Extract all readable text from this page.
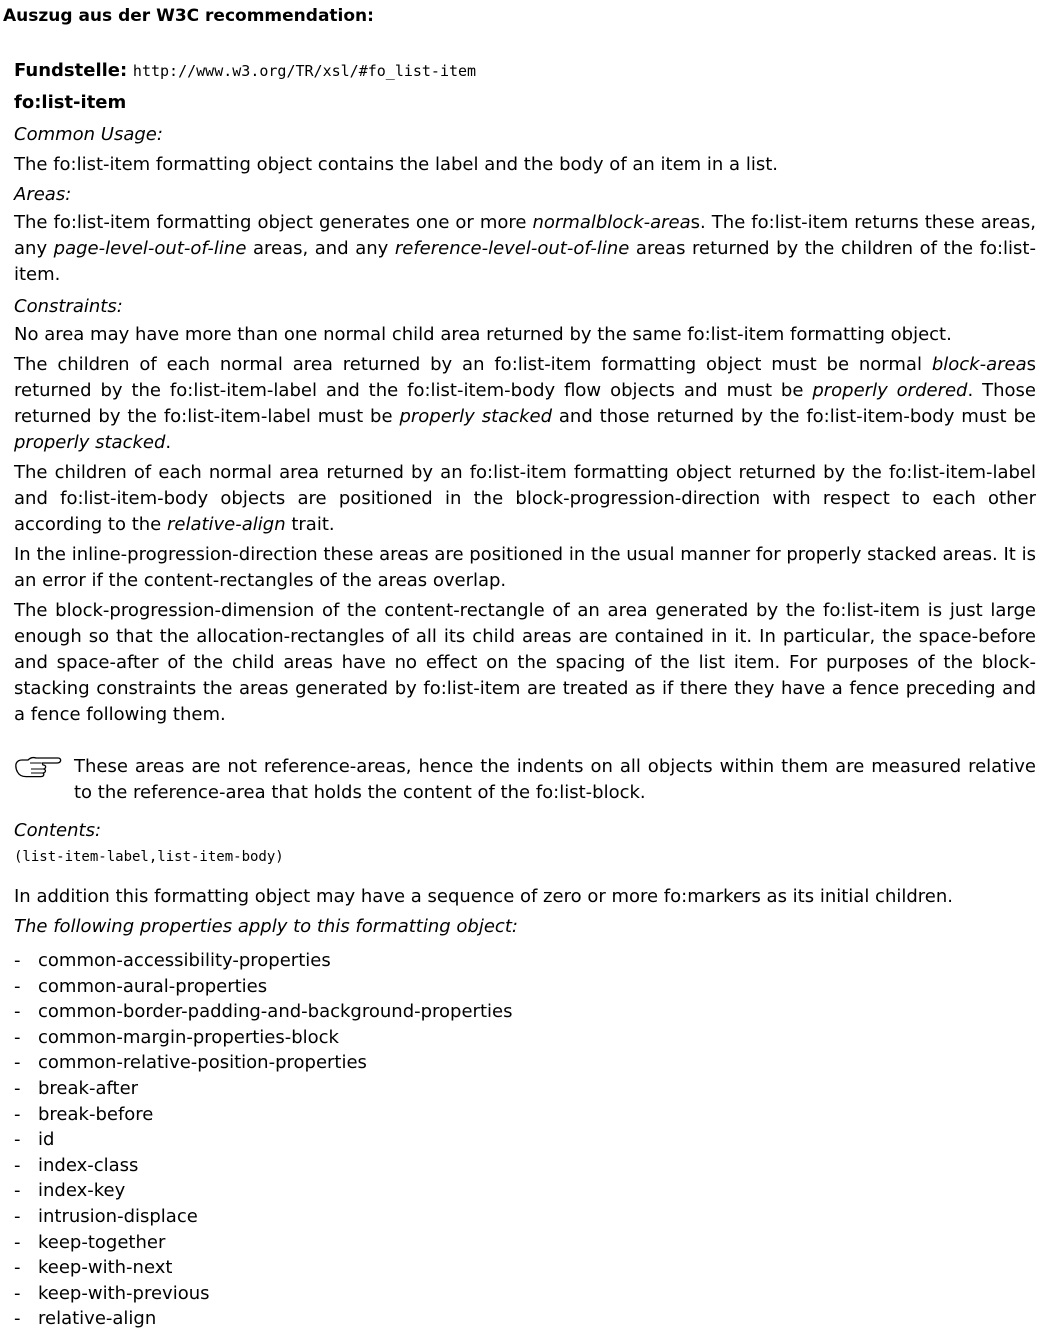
Auszug aus der W3C recommendation:

Fundstelle: http://www.w3.org/TR/xsl/#fo_list-item

fo:list-item

Common Usage:

The fo:list-item formatting object contains the label and the body of an item in a list.

Areas:

The fo:list-item formatting object generates one or more normalblock-areas. The fo:list-item returns these areas, any page-level-out-of-line areas, and any reference-level-out-of-line areas returned by the children of the fo:list-item.

Constraints:

No area may have more than one normal child area returned by the same fo:list-item formatting object.

The children of each normal area returned by an fo:list-item formatting object must be normal block-areas returned by the fo:list-item-label and the fo:list-item-body flow objects and must be properly ordered. Those returned by the fo:list-item-label must be properly stacked and those returned by the fo:list-item-body must be properly stacked.

The children of each normal area returned by an fo:list-item formatting object returned by the fo:list-item-label and fo:list-item-body objects are positioned in the block-progression-direction with respect to each other according to the relative-align trait.

In the inline-progression-direction these areas are positioned in the usual manner for properly stacked areas. It is an error if the content-rectangles of the areas overlap.

The block-progression-dimension of the content-rectangle of an area generated by the fo:list-item is just large enough so that the allocation-rectangles of all its child areas are contained in it. In particular, the space-before and space-after of the child areas have no effect on the spacing of the list item. For purposes of the block-stacking constraints the areas generated by fo:list-item are treated as if there they have a fence preceding and a fence following them.

These areas are not reference-areas, hence the indents on all objects within them are measured relative to the reference-area that holds the content of the fo:list-block.

Contents:

(list-item-label,list-item-body)

In addition this formatting object may have a sequence of zero or more fo:markers as its initial children.

The following properties apply to this formatting object:

- common-accessibility-properties
- common-aural-properties
- common-border-padding-and-background-properties
- common-margin-properties-block
- common-relative-position-properties
- break-after
- break-before
- id
- index-class
- index-key
- intrusion-displace
- keep-together
- keep-with-next
- keep-with-previous
- relative-align
